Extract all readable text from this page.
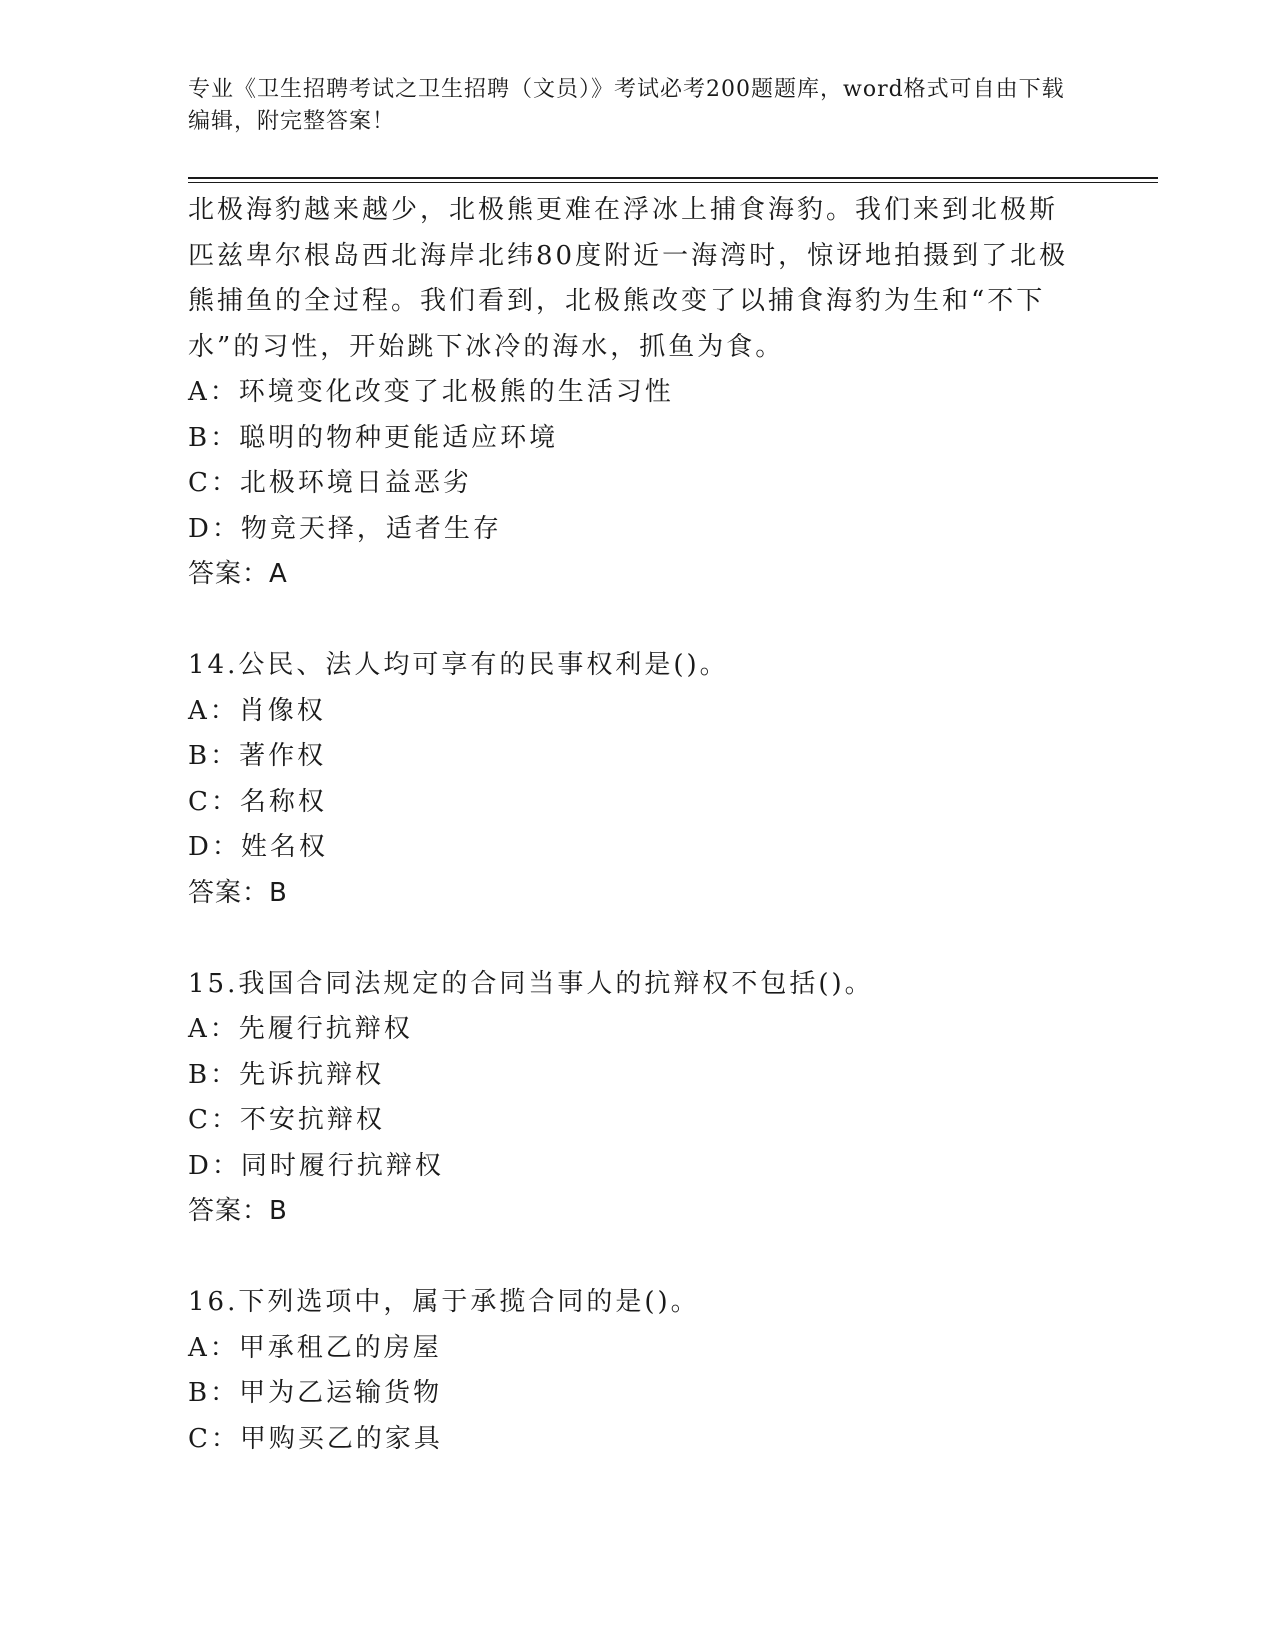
专业《卫生招聘考试之卫生招聘（文员）》考试必考200题题库，word格式可自由下载编辑，附完整答案！

北极海豹越来越少，北极熊更难在浮冰上捕食海豹。我们来到北极斯

匹兹卑尔根岛西北海岸北纬80度附近一海湾时，惊讶地拍摄到了北极

熊捕鱼的全过程。我们看到，北极熊改变了以捕食海豹为生和“不下

水”的习性，开始跳下冰冷的海水，抓鱼为食。

A：环境变化改变了北极熊的生活习性

B：聪明的物种更能适应环境

C：北极环境日益恶劣

D：物竞天择，适者生存

答案：A

14.公民、法人均可享有的民事权利是()。

A：肖像权

B：著作权

C：名称权

D：姓名权

答案：B

15.我国合同法规定的合同当事人的抗辩权不包括()。

A：先履行抗辩权

B：先诉抗辩权

C：不安抗辩权

D：同时履行抗辩权

答案：B

16.下列选项中，属于承揽合同的是()。

A：甲承租乙的房屋

B：甲为乙运输货物

C：甲购买乙的家具
